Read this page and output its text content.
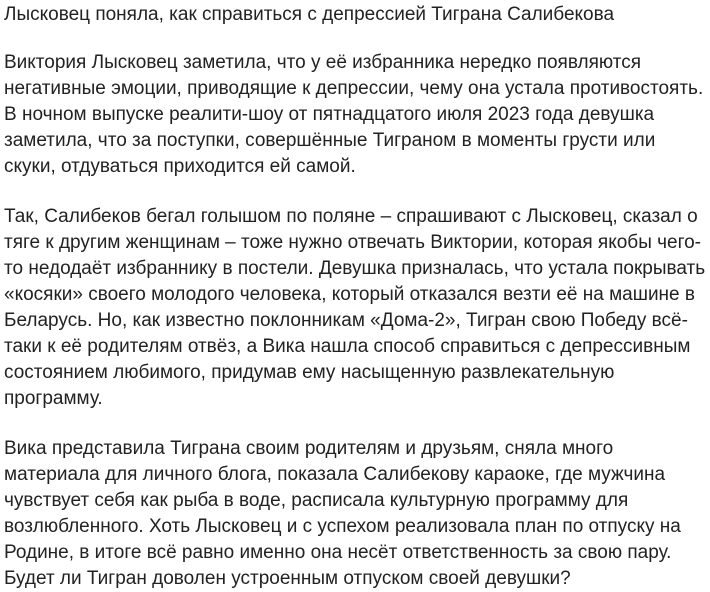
Лысковец поняла, как справиться с депрессией Тиграна Салибекова

Виктория Лысковец заметила, что у её избранника нередко появляются негативные эмоции, приводящие к депрессии, чему она устала противостоять. В ночном выпуске реалити-шоу от пятнадцатого июля 2023 года девушка заметила, что за поступки, совершённые Тиграном в моменты грусти или скуки, отдуваться приходится ей самой.

Так, Салибеков бегал голышом по поляне – спрашивают с Лысковец, сказал о тяге к другим женщинам – тоже нужно отвечать Виктории, которая якобы чего-то недодаёт избраннику в постели. Девушка призналась, что устала покрывать «косяки» своего молодого человека, который отказался везти её на машине в Беларусь. Но, как известно поклонникам «Дома-2», Тигран свою Победу всё-таки к её родителям отвёз, а Вика нашла способ справиться с депрессивным состоянием любимого, придумав ему насыщенную развлекательную программу.

Вика представила Тиграна своим родителям и друзьям, сняла много материала для личного блога, показала Салибекову караоке, где мужчина чувствует себя как рыба в воде, расписала культурную программу для возлюбленного. Хоть Лысковец и с успехом реализовала план по отпуску на Родине, в итоге всё равно именно она несёт ответственность за свою пару. Будет ли Тигран доволен устроенным отпуском своей девушки?
